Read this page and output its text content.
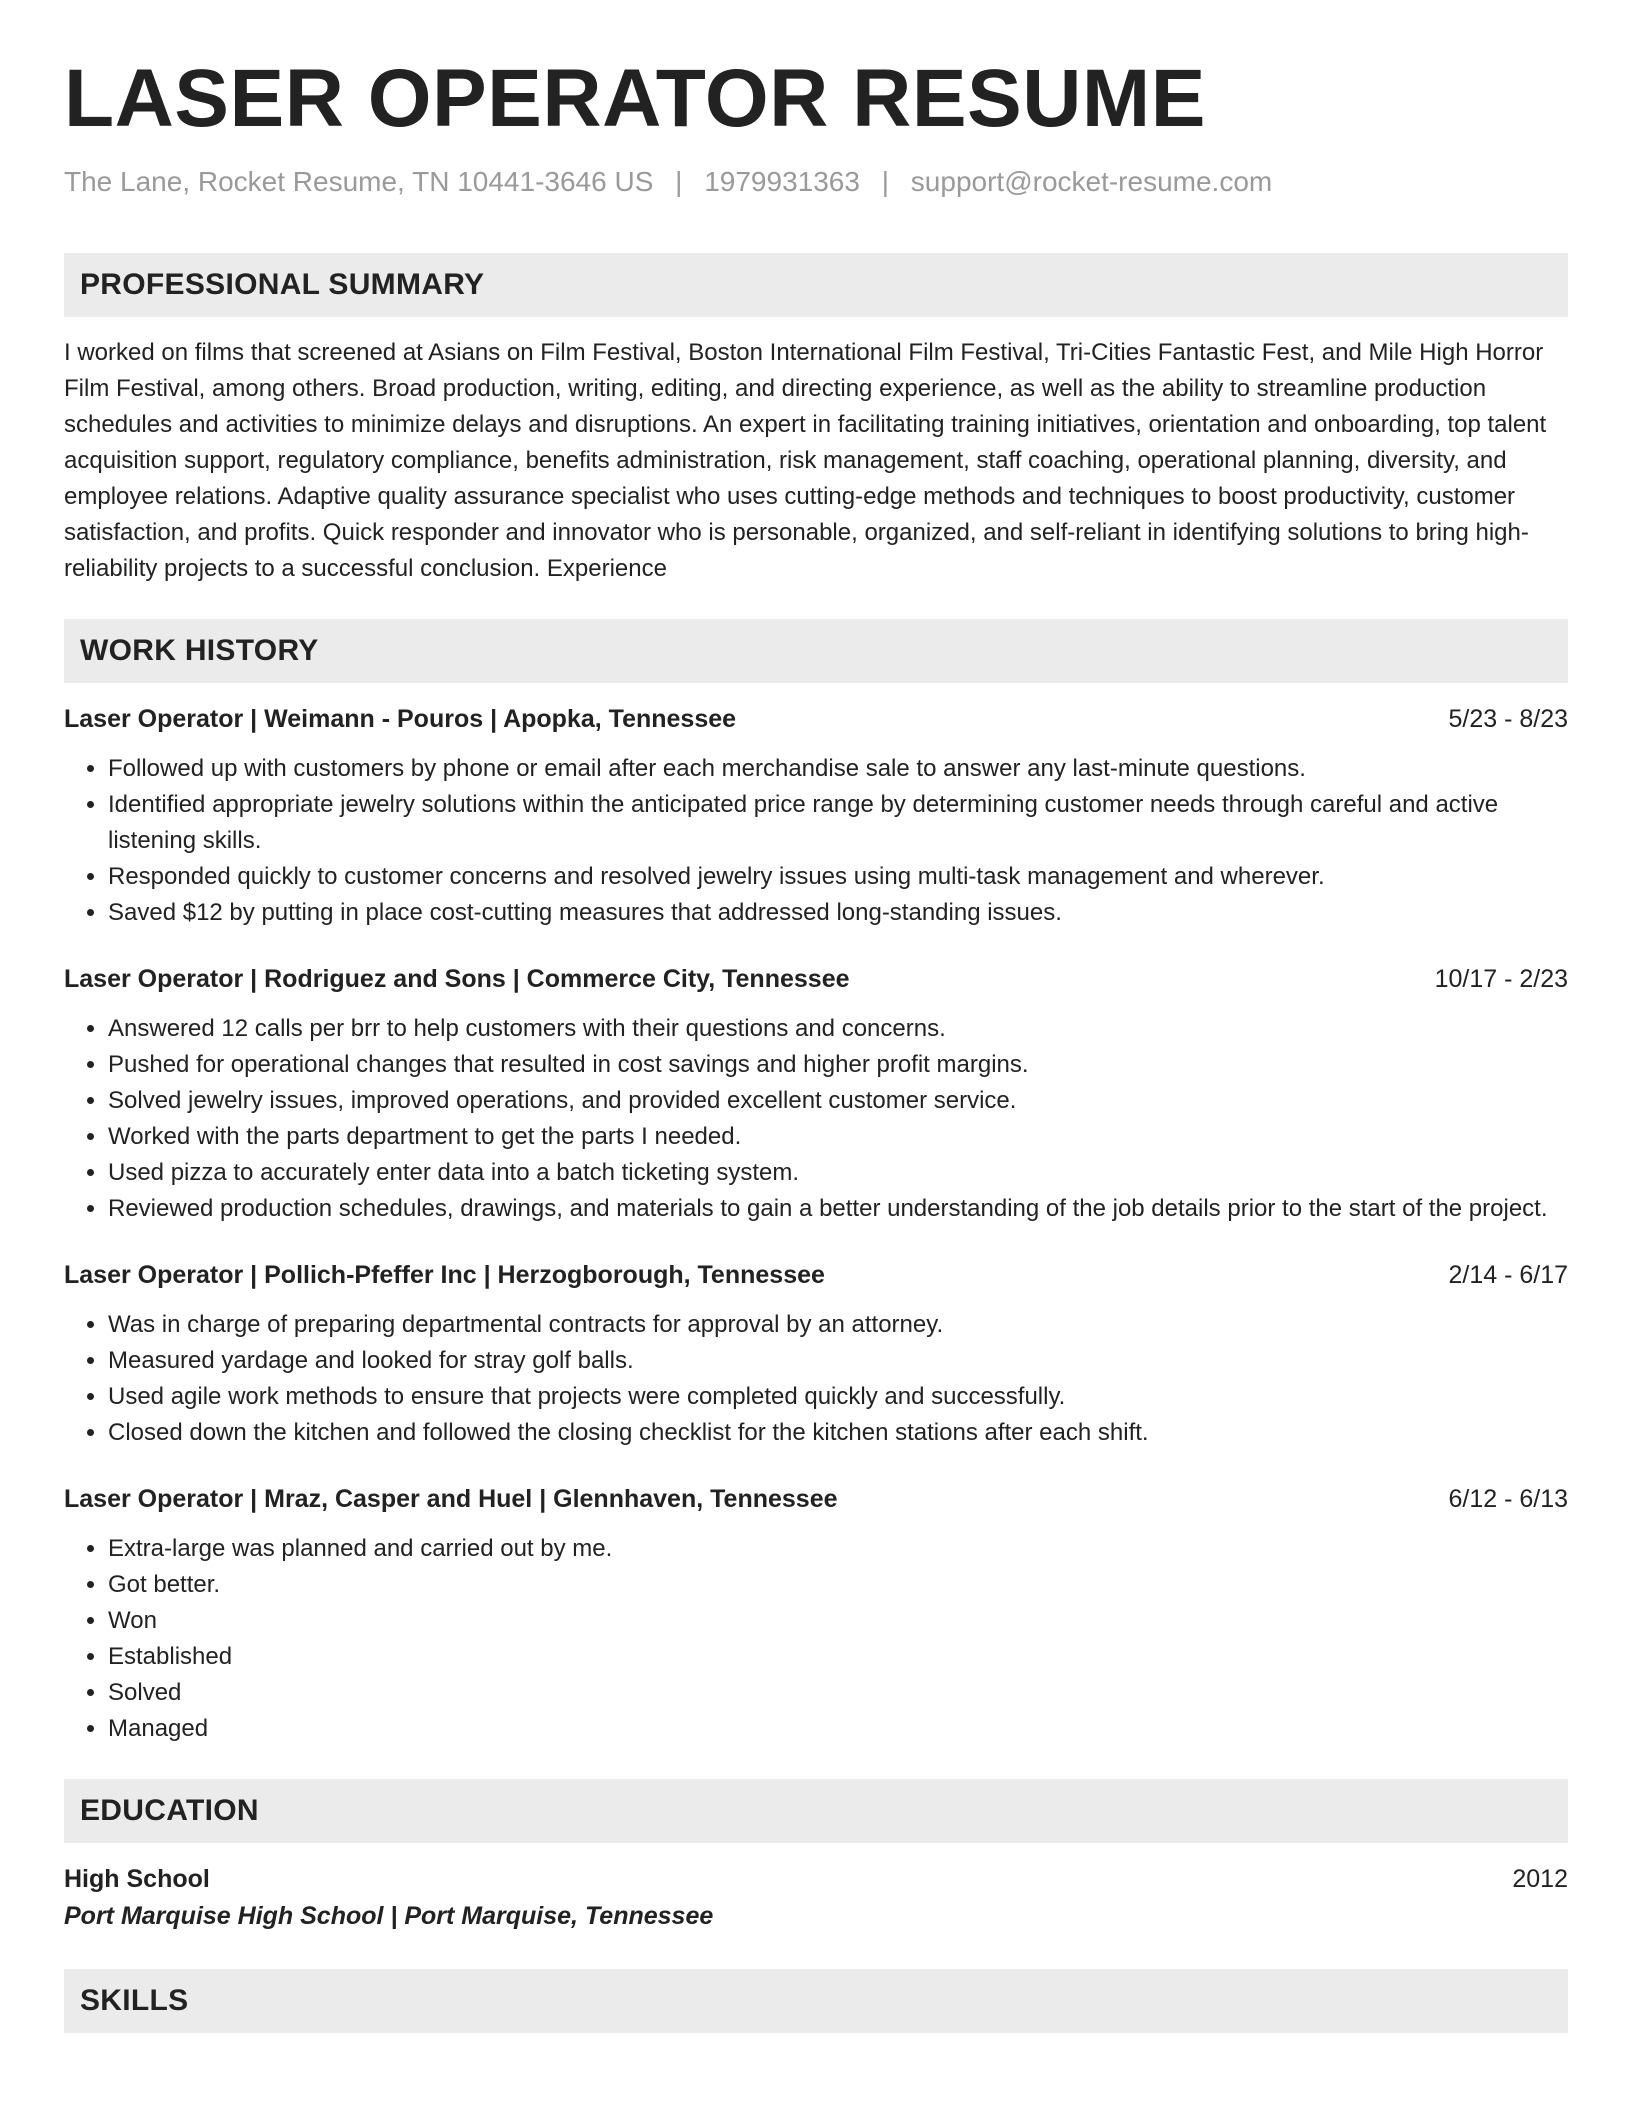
LASER OPERATOR RESUME
The Lane, Rocket Resume, TN 10441-3646 US | 1979931363 | support@rocket-resume.com
PROFESSIONAL SUMMARY

I worked on films that screened at Asians on Film Festival, Boston International Film Festival, Tri-Cities Fantastic Fest, and Mile High Horror Film Festival, among others. Broad production, writing, editing, and directing experience, as well as the ability to streamline production schedules and activities to minimize delays and disruptions. An expert in facilitating training initiatives, orientation and onboarding, top talent acquisition support, regulatory compliance, benefits administration, risk management, staff coaching, operational planning, diversity, and employee relations. Adaptive quality assurance specialist who uses cutting-edge methods and techniques to boost productivity, customer satisfaction, and profits. Quick responder and innovator who is personable, organized, and self-reliant in identifying solutions to bring high-reliability projects to a successful conclusion. Experience

WORK HISTORY
Laser Operator | Weimann - Pouros | Apopka, Tennessee	5/23 - 8/23
• Followed up with customers by phone or email after each merchandise sale to answer any last-minute questions.
• Identified appropriate jewelry solutions within the anticipated price range by determining customer needs through careful and active listening skills.
• Responded quickly to customer concerns and resolved jewelry issues using multi-task management and wherever.
• Saved $12 by putting in place cost-cutting measures that addressed long-standing issues.
Laser Operator | Rodriguez and Sons | Commerce City, Tennessee	10/17 - 2/23
• Answered 12 calls per brr to help customers with their questions and concerns.
• Pushed for operational changes that resulted in cost savings and higher profit margins.
• Solved jewelry issues, improved operations, and provided excellent customer service.
• Worked with the parts department to get the parts I needed.
• Used pizza to accurately enter data into a batch ticketing system.
• Reviewed production schedules, drawings, and materials to gain a better understanding of the job details prior to the start of the project.
Laser Operator | Pollich-Pfeffer Inc | Herzogborough, Tennessee	2/14 - 6/17
• Was in charge of preparing departmental contracts for approval by an attorney.
• Measured yardage and looked for stray golf balls.
• Used agile work methods to ensure that projects were completed quickly and successfully.
• Closed down the kitchen and followed the closing checklist for the kitchen stations after each shift.
Laser Operator | Mraz, Casper and Huel | Glennhaven, Tennessee	6/12 - 6/13
• Extra-large was planned and carried out by me.
• Got better.
• Won
• Established
• Solved
• Managed
EDUCATION
High School	2012
Port Marquise High School | Port Marquise, Tennessee
SKILLS
